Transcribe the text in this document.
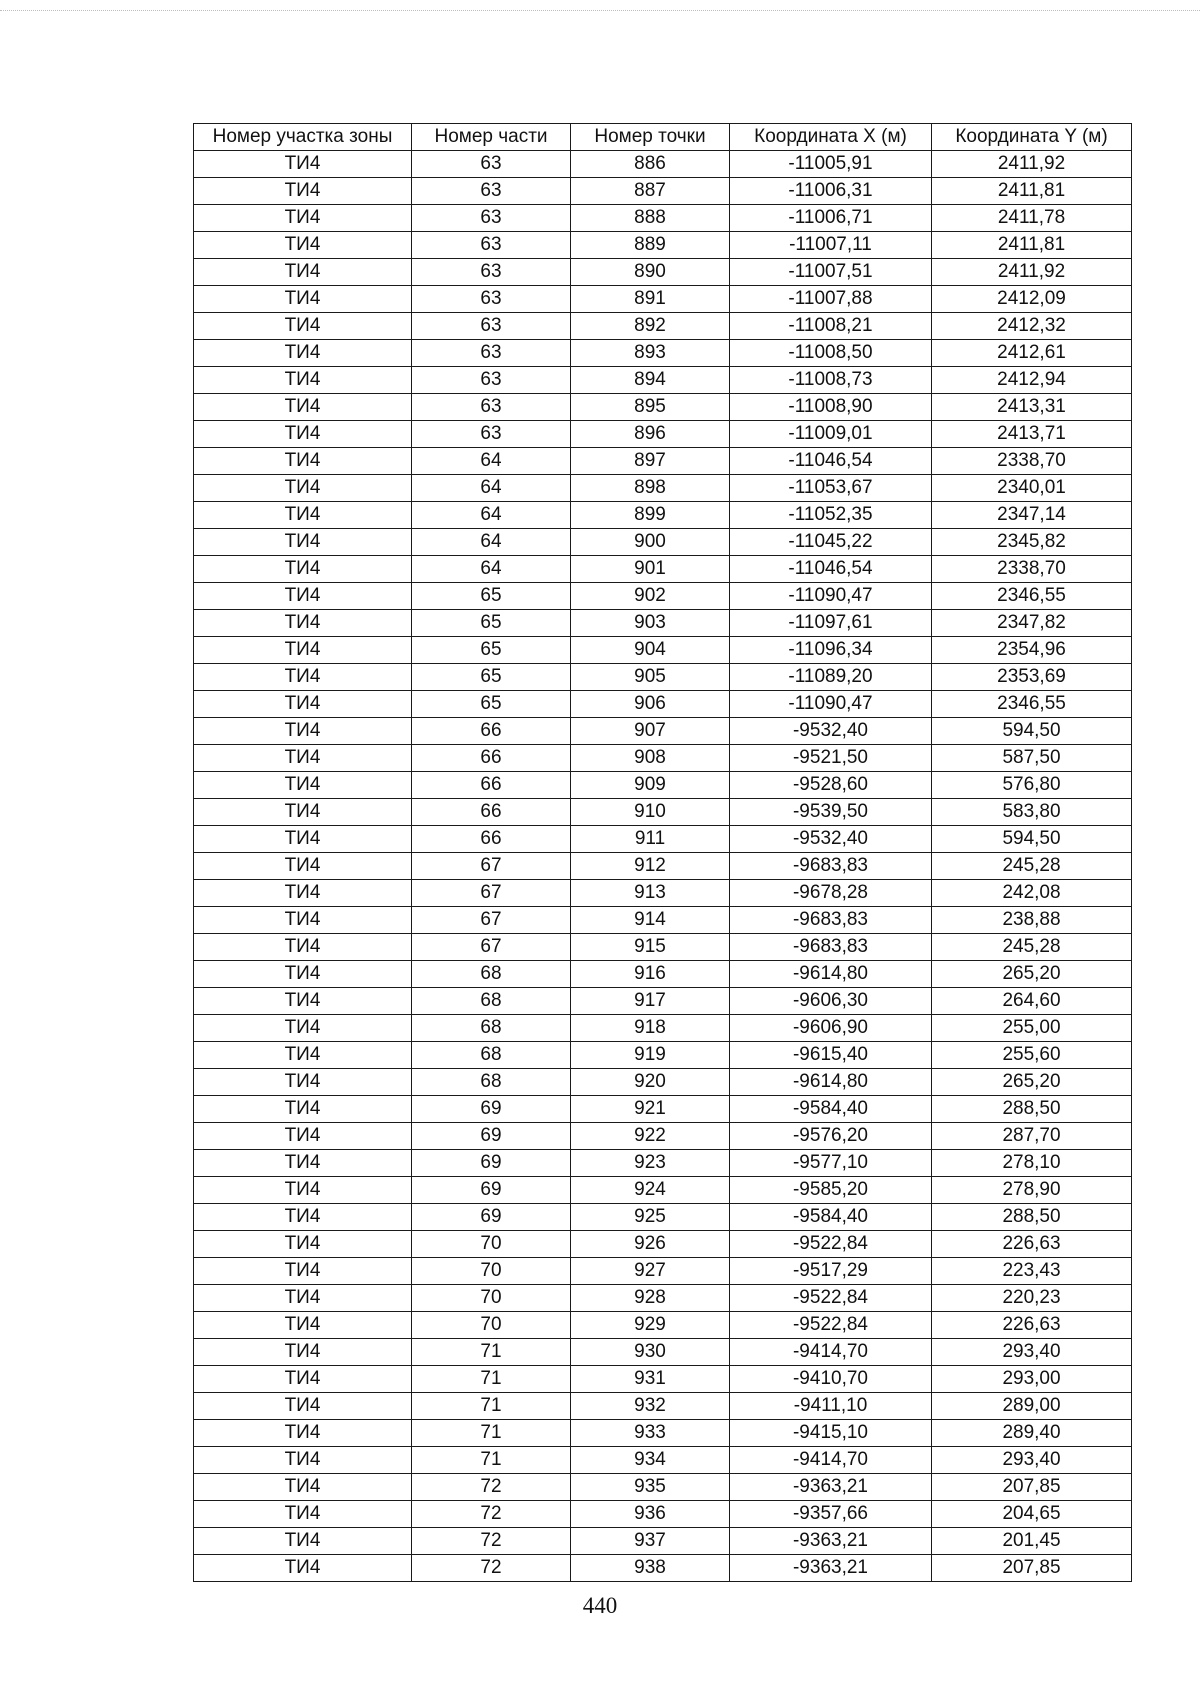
Номер участка зоны	Номер части	Номер точки	Координата X (м)	Координата Y (м)
ТИ4	63	886	-11005,91	2411,92
ТИ4	63	887	-11006,31	2411,81
ТИ4	63	888	-11006,71	2411,78
ТИ4	63	889	-11007,11	2411,81
ТИ4	63	890	-11007,51	2411,92
ТИ4	63	891	-11007,88	2412,09
ТИ4	63	892	-11008,21	2412,32
ТИ4	63	893	-11008,50	2412,61
ТИ4	63	894	-11008,73	2412,94
ТИ4	63	895	-11008,90	2413,31
ТИ4	63	896	-11009,01	2413,71
ТИ4	64	897	-11046,54	2338,70
ТИ4	64	898	-11053,67	2340,01
ТИ4	64	899	-11052,35	2347,14
ТИ4	64	900	-11045,22	2345,82
ТИ4	64	901	-11046,54	2338,70
ТИ4	65	902	-11090,47	2346,55
ТИ4	65	903	-11097,61	2347,82
ТИ4	65	904	-11096,34	2354,96
ТИ4	65	905	-11089,20	2353,69
ТИ4	65	906	-11090,47	2346,55
ТИ4	66	907	-9532,40	594,50
ТИ4	66	908	-9521,50	587,50
ТИ4	66	909	-9528,60	576,80
ТИ4	66	910	-9539,50	583,80
ТИ4	66	911	-9532,40	594,50
ТИ4	67	912	-9683,83	245,28
ТИ4	67	913	-9678,28	242,08
ТИ4	67	914	-9683,83	238,88
ТИ4	67	915	-9683,83	245,28
ТИ4	68	916	-9614,80	265,20
ТИ4	68	917	-9606,30	264,60
ТИ4	68	918	-9606,90	255,00
ТИ4	68	919	-9615,40	255,60
ТИ4	68	920	-9614,80	265,20
ТИ4	69	921	-9584,40	288,50
ТИ4	69	922	-9576,20	287,70
ТИ4	69	923	-9577,10	278,10
ТИ4	69	924	-9585,20	278,90
ТИ4	69	925	-9584,40	288,50
ТИ4	70	926	-9522,84	226,63
ТИ4	70	927	-9517,29	223,43
ТИ4	70	928	-9522,84	220,23
ТИ4	70	929	-9522,84	226,63
ТИ4	71	930	-9414,70	293,40
ТИ4	71	931	-9410,70	293,00
ТИ4	71	932	-9411,10	289,00
ТИ4	71	933	-9415,10	289,40
ТИ4	71	934	-9414,70	293,40
ТИ4	72	935	-9363,21	207,85
ТИ4	72	936	-9357,66	204,65
ТИ4	72	937	-9363,21	201,45
ТИ4	72	938	-9363,21	207,85
440
